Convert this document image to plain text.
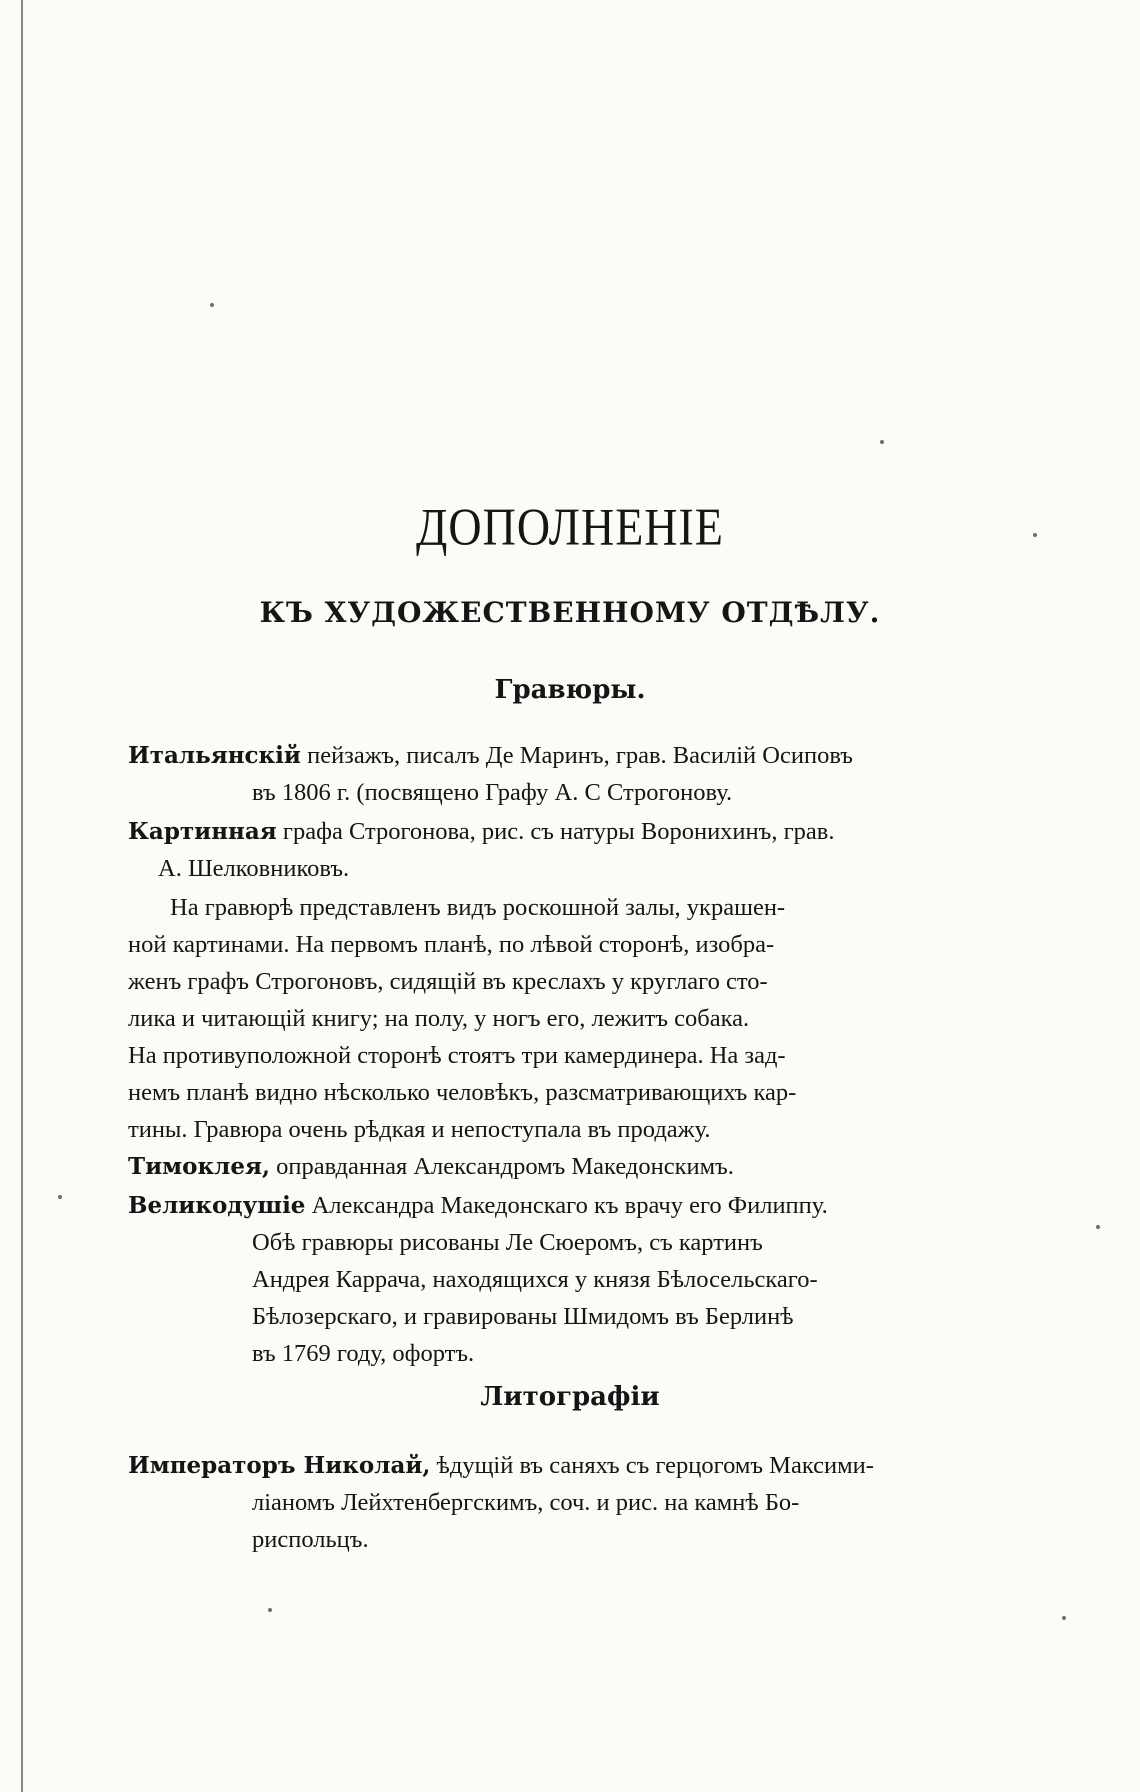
ДОПОЛНЕНІЕ
КЪ ХУДОЖЕСТВЕННОМУ ОТДѢЛУ.
Гравюры.

Итальянскій пейзажъ, писалъ Де Маринъ, грав. Василій Осиповъ
въ 1806 г. (посвящено Графу А. С Строгонову.

Картинная графа Строгонова, рис. съ натуры Воронихинъ, грав.
А. Шелковниковъ.

На гравюрѣ представленъ видъ роскошной залы, украшен-
ной картинами. На первомъ планѣ, по лѣвой сторонѣ, изобра-
женъ графъ Строгоновъ, сидящій въ креслахъ у круглаго сто-
лика и читающій книгу; на полу, у ногъ его, лежитъ собака.
На противуположной сторонѣ стоятъ три камердинера. На зад-
немъ планѣ видно нѣсколько человѣкъ, разсматривающихъ кар-
тины. Гравюра очень рѣдкая и непоступала въ продажу.

Тимоклея, оправданная Александромъ Македонскимъ.

Великодушіе Александра Македонскаго къ врачу его Филиппу.
Обѣ гравюры рисованы Ле Сюеромъ, съ картинъ
Андрея Каррача, находящихся у князя Бѣлосельскаго-
Бѣлозерскаго, и гравированы Шмидомъ въ Берлинѣ
въ 1769 году, офортъ.

Литографіи

Императоръ Николай, ѣдущій въ саняхъ съ герцогомъ Максими-
ліаномъ Лейхтенбергскимъ, соч. и рис. на камнѣ Бо-
риспольцъ.
